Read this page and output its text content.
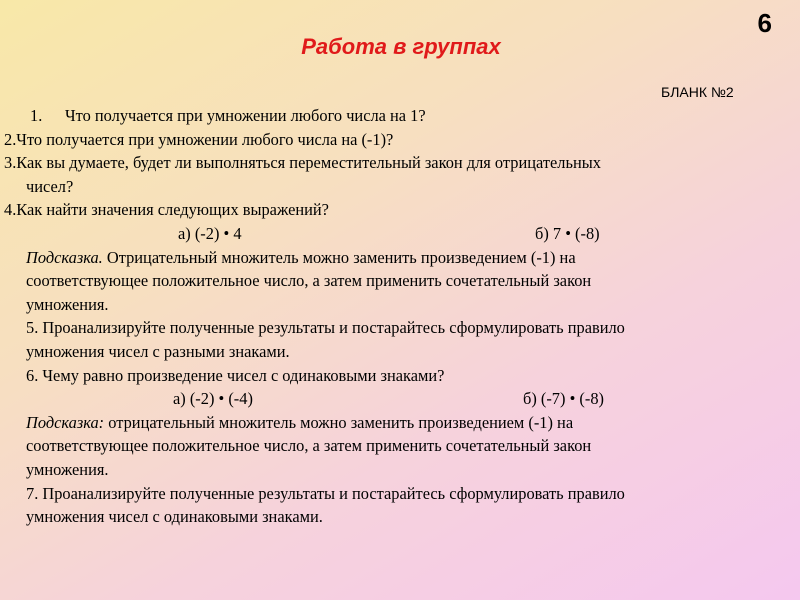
6
Работа в группах
БЛАНК №2
1. Что получается при умножении любого числа на 1?
2.Что получается при умножении любого числа на (-1)?
3.Как вы думаете, будет ли выполняться переместительный закон для отрицательных
чисел?
4.Как найти значения следующих выражений?
а) (-2) • 4	б) 7 • (-8)
Подсказка. Отрицательный множитель можно заменить произведением (-1) на
соответствующее положительное число, а затем применить сочетательный закон
умножения.
5. Проанализируйте полученные результаты и постарайтесь сформулировать правило
умножения чисел с разными знаками.
6. Чему равно произведение чисел с одинаковыми знаками?
а) (-2) • (-4)	б) (-7) • (-8)
Подсказка: отрицательный множитель можно заменить произведением (-1) на
соответствующее положительное число, а затем применить сочетательный закон
умножения.
7. Проанализируйте полученные результаты и постарайтесь сформулировать правило
умножения чисел с одинаковыми знаками.
